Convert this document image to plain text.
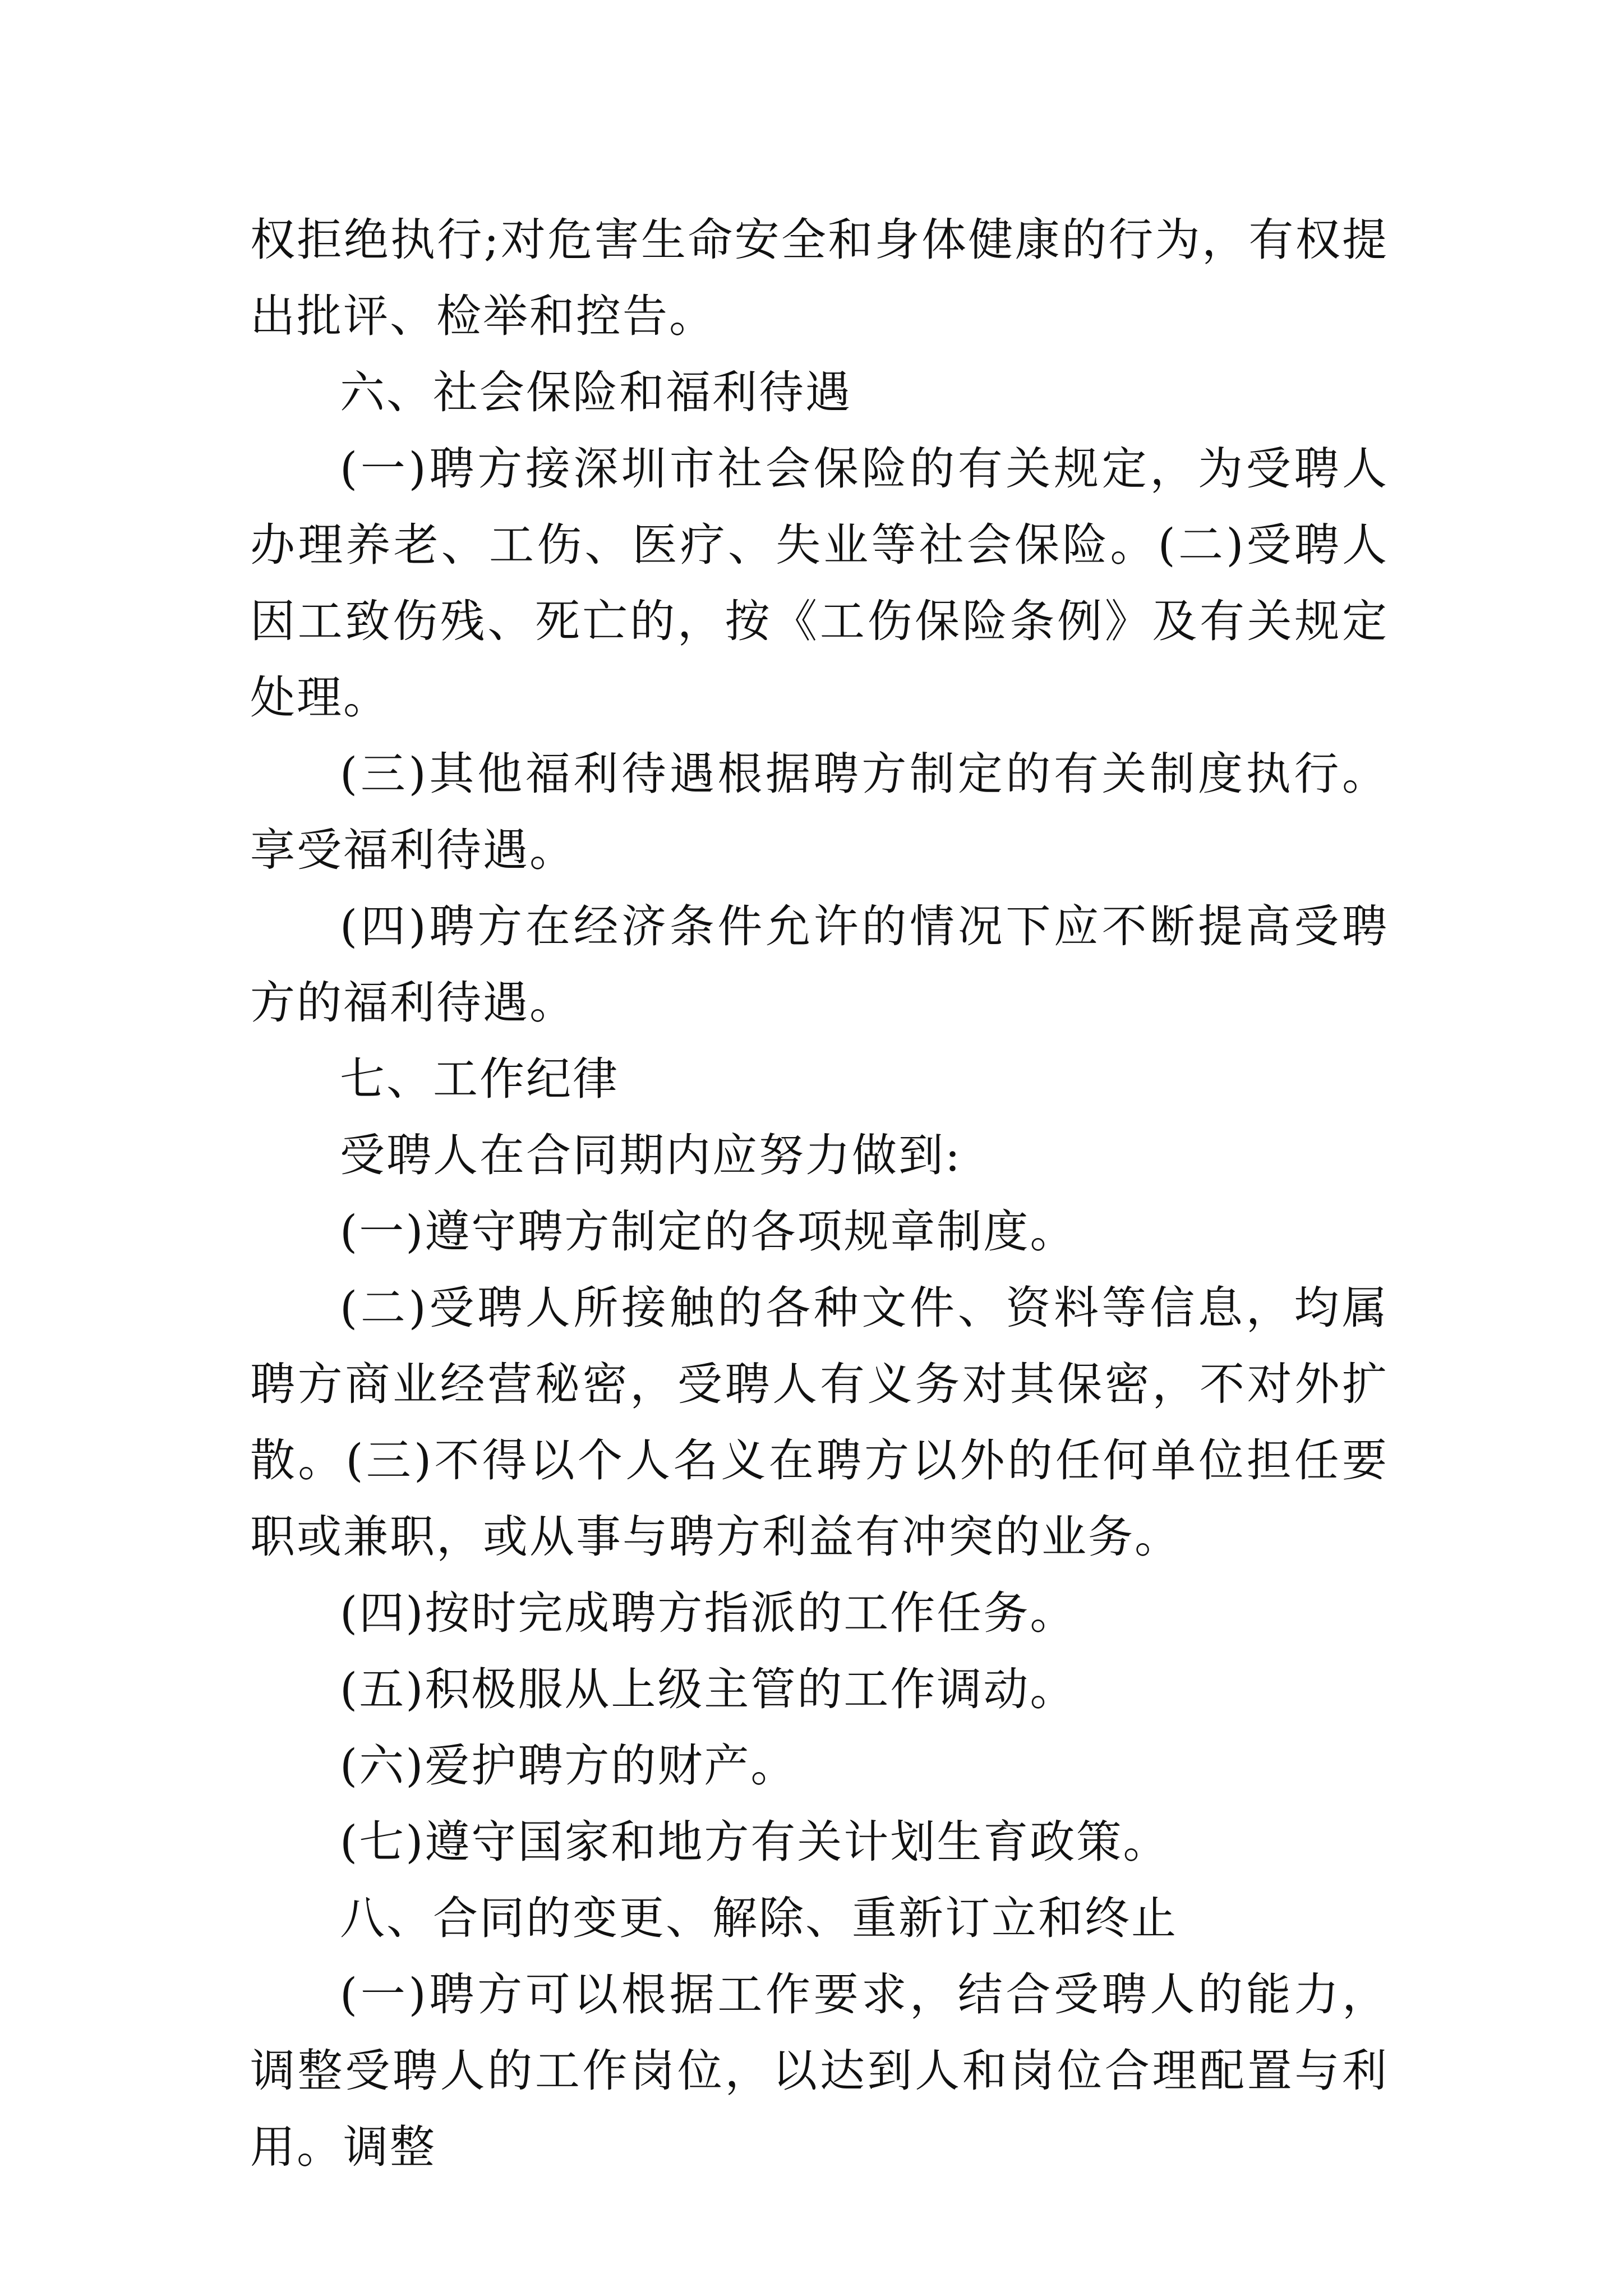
权拒绝执行;对危害生命安全和身体健康的行为，有权提出批评、检举和控告。

六、社会保险和福利待遇

(一)聘方接深圳市社会保险的有关规定，为受聘人办理养老、工伤、医疗、失业等社会保险。(二)受聘人因工致伤残、死亡的，按《工伤保险条例》及有关规定处理。

(三)其他福利待遇根据聘方制定的有关制度执行。享受福利待遇。

(四)聘方在经济条件允许的情况下应不断提高受聘方的福利待遇。

七、工作纪律

受聘人在合同期内应努力做到:

(一)遵守聘方制定的各项规章制度。

(二)受聘人所接触的各种文件、资料等信息，均属聘方商业经营秘密，受聘人有义务对其保密，不对外扩散。(三)不得以个人名义在聘方以外的任何单位担任要职或兼职，或从事与聘方利益有冲突的业务。

(四)按时完成聘方指派的工作任务。

(五)积极服从上级主管的工作调动。

(六)爱护聘方的财产。

(七)遵守国家和地方有关计划生育政策。

八、合同的变更、解除、重新订立和终止

(一)聘方可以根据工作要求，结合受聘人的能力，调整受聘人的工作岗位，以达到人和岗位合理配置与利用。调整
